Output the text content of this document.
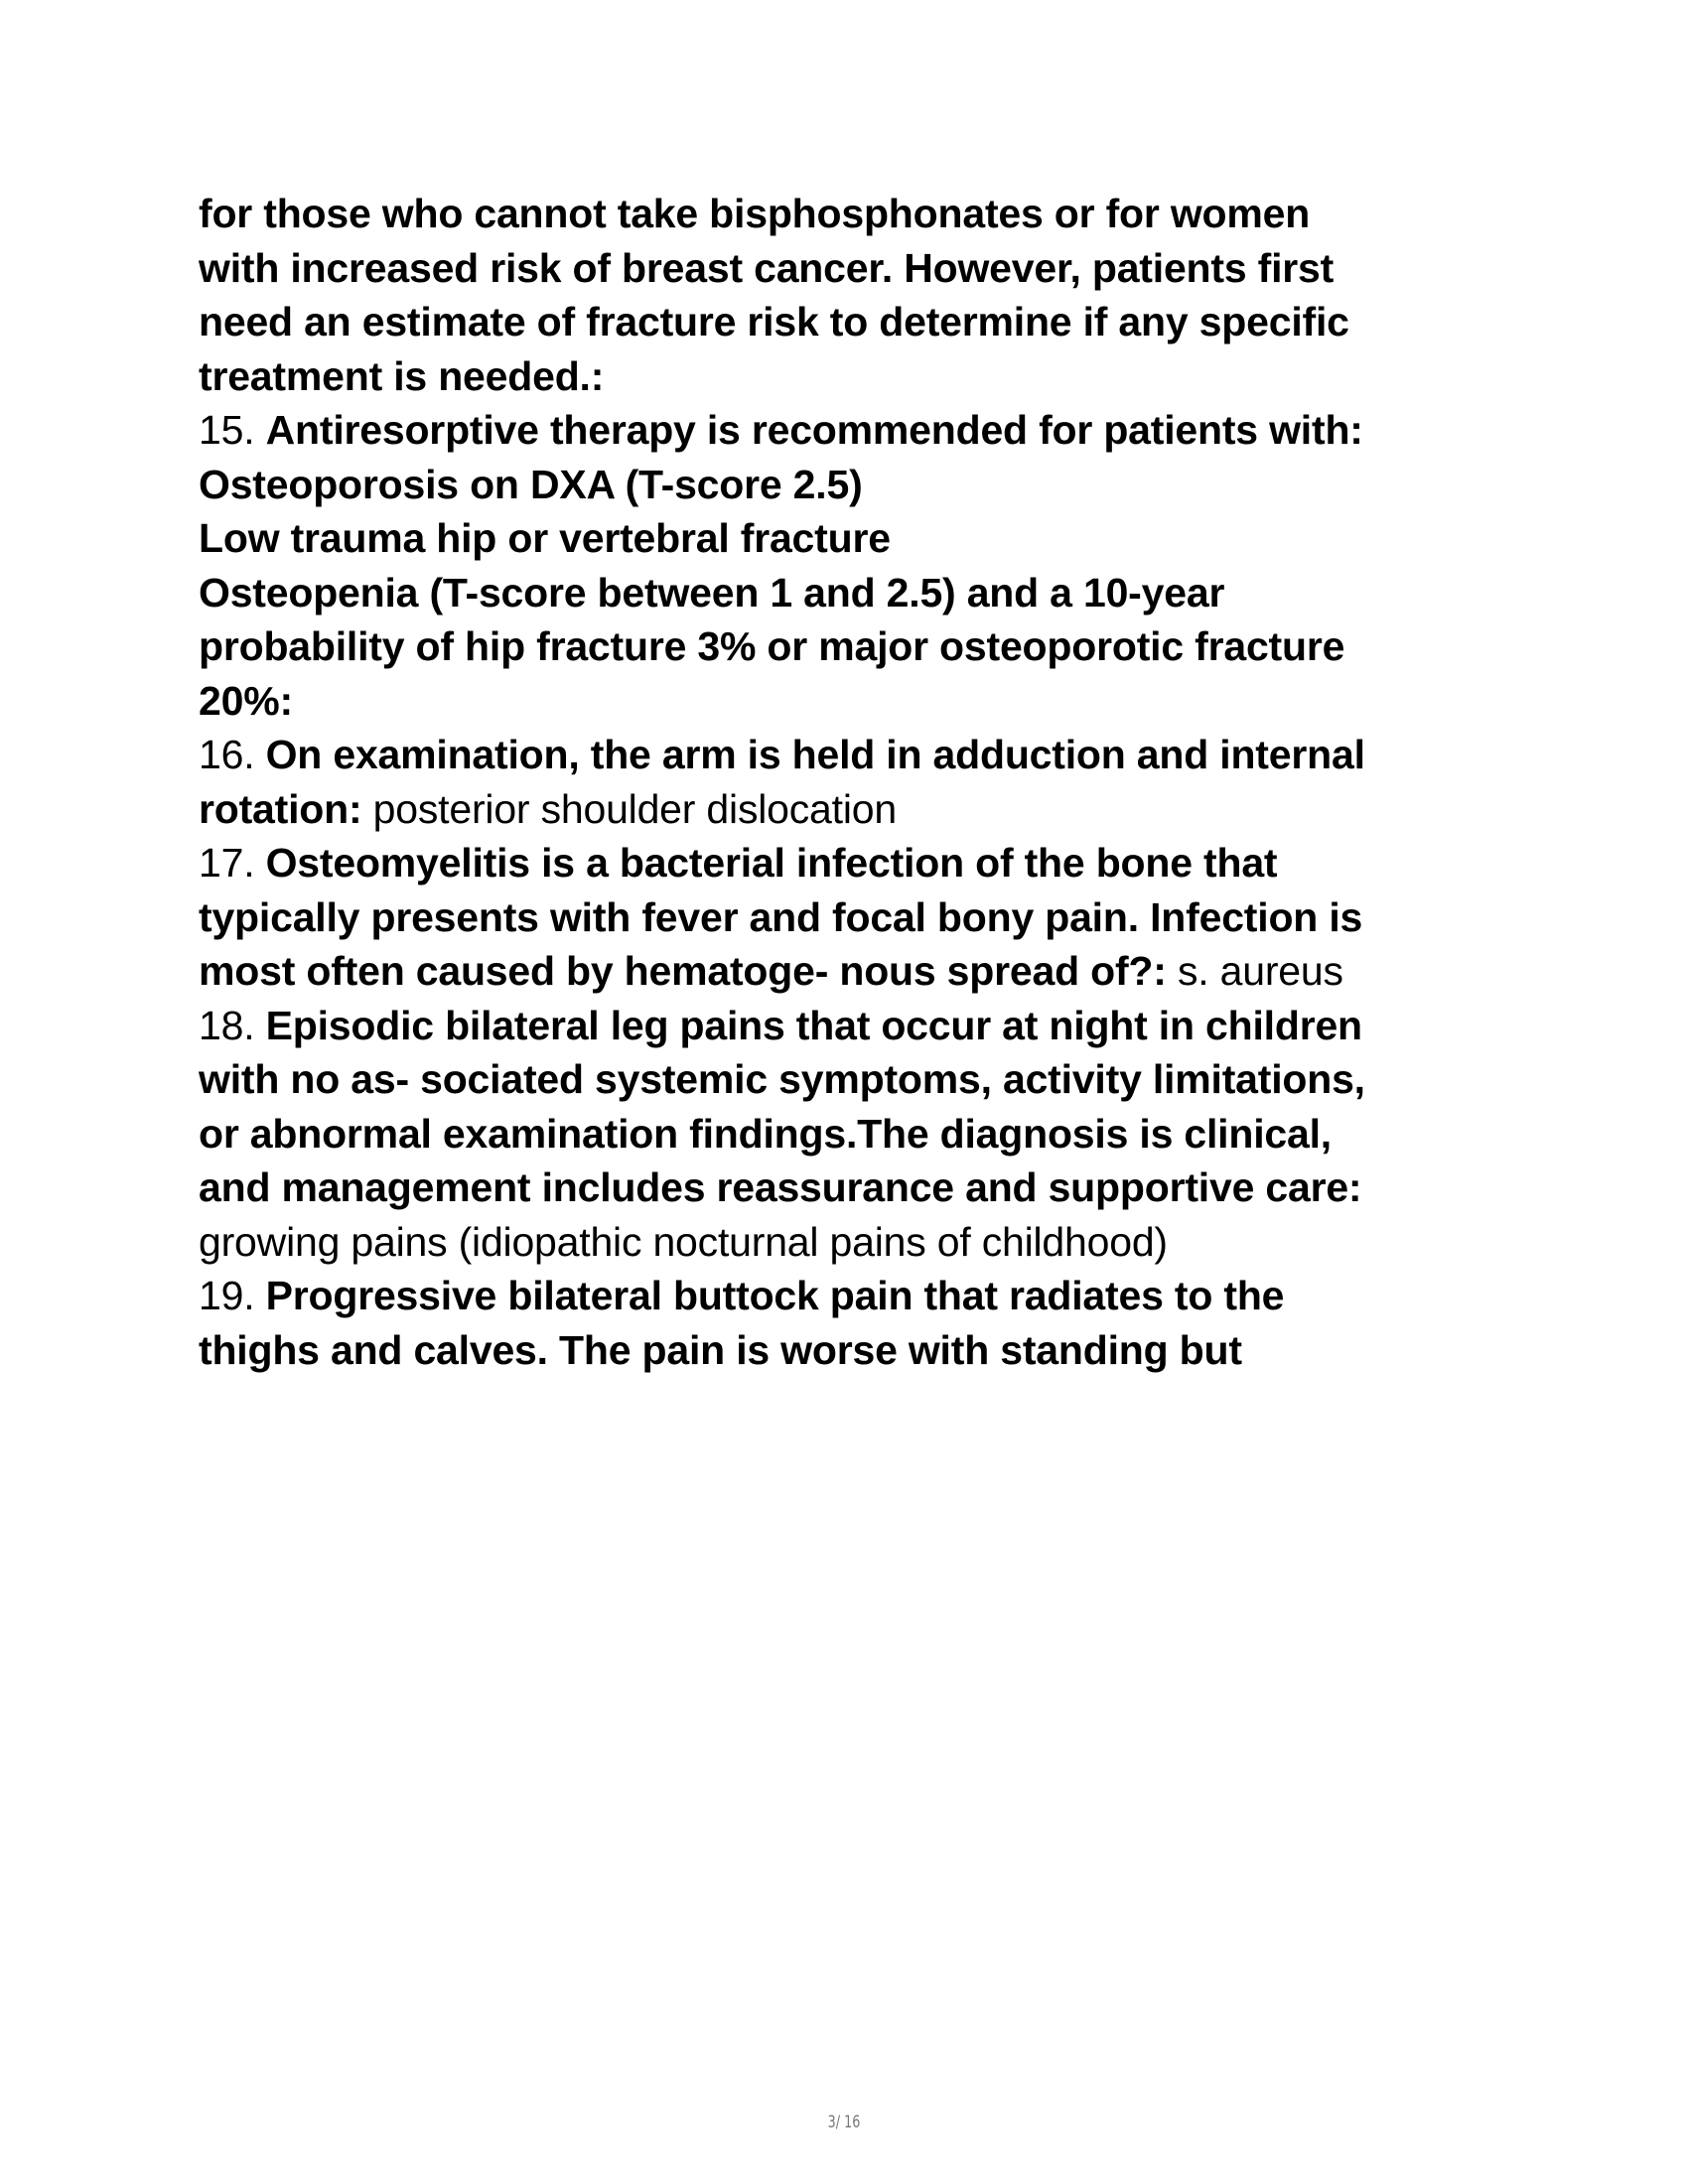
for those who cannot take bisphosphonates or for women
with increased risk of breast cancer. However, patients first
need an estimate of fracture risk to determine if any specific
treatment is needed.:
15. Antiresorptive therapy is recommended for patients with:
Osteoporosis on DXA (T-score 2.5)
Low trauma hip or vertebral fracture
Osteopenia (T-score between 1 and 2.5) and a 10-year
probability of hip fracture 3% or major osteoporotic fracture
20%:
16. On examination, the arm is held in adduction and internal
rotation: posterior shoulder dislocation
17. Osteomyelitis is a bacterial infection of the bone that
typically presents with fever and focal bony pain. Infection is
most often caused by hematoge- nous spread of?: s. aureus
18. Episodic bilateral leg pains that occur at night in children
with no as- sociated systemic symptoms, activity limitations,
or abnormal examination findings.The diagnosis is clinical,
and management includes reassurance and supportive care:
growing pains (idiopathic nocturnal pains of childhood)
19. Progressive bilateral buttock pain that radiates to the
thighs and calves. The pain is worse with standing but
3/ 16
